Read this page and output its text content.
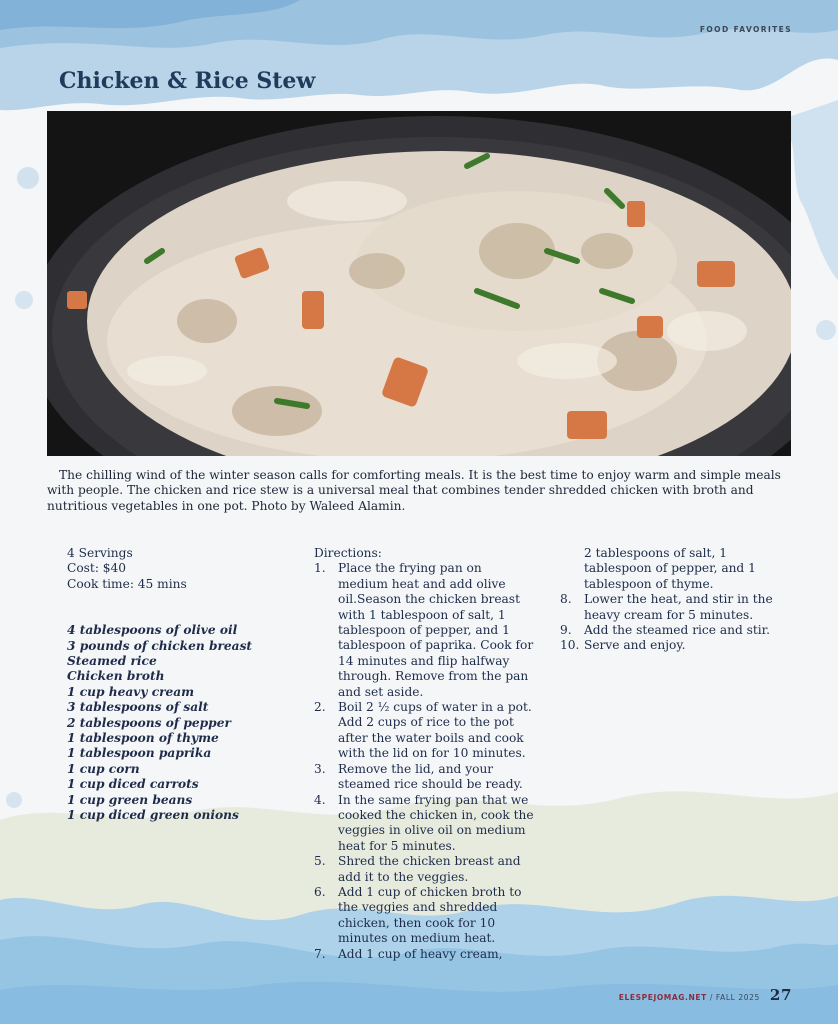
FOOD FAVORITES
Chicken & Rice Stew

The chilling wind of the winter season calls for comforting meals. It is the best time to enjoy warm and simple meals with people. The chicken and rice stew is a universal meal that combines tender shredded chicken with broth and nutritious vegetables in one pot. Photo by Waleed Alamin.

4 Servings
Cost: $40
Cook time: 45 mins
4 tablespoons of olive oil
3 pounds of chicken breast
Steamed rice
Chicken broth
1 cup heavy cream
3 tablespoons of salt
2 tablespoons of pepper
1 tablespoon of thyme
1 tablespoon paprika
1 cup corn
1 cup diced carrots
1 cup green beans
1 cup diced green onions
Directions:
1.	Place the frying pan on medium heat and add olive oil.Season the chicken breast with 1 tablespoon of salt, 1 tablespoon of pepper, and 1 tablespoon of paprika. Cook for 14 minutes and flip halfway through. Remove from the pan and set aside.
2.	Boil 2 ½ cups of water in a pot. Add 2 cups of rice to the pot after the water boils and cook with the lid on for 10 minutes.
3.	Remove the lid, and your steamed rice should be ready.
4.	In the same frying pan that we cooked the chicken in, cook the veggies in olive oil on medium heat for 5 minutes.
5.	Shred the chicken breast and add it to the veggies.
6.	Add 1 cup of chicken broth to the veggies and shredded chicken, then cook for 10 minutes on medium heat.
7.	Add 1 cup of heavy cream,
2 tablespoons of salt, 1 tablespoon of pepper, and 1 tablespoon of thyme.
8.	Lower the heat, and stir in the heavy cream for 5 minutes.
9.	Add the steamed rice and stir.
10. Serve and enjoy.
ELESPEJOMAG.NET / FALL 2025 27
